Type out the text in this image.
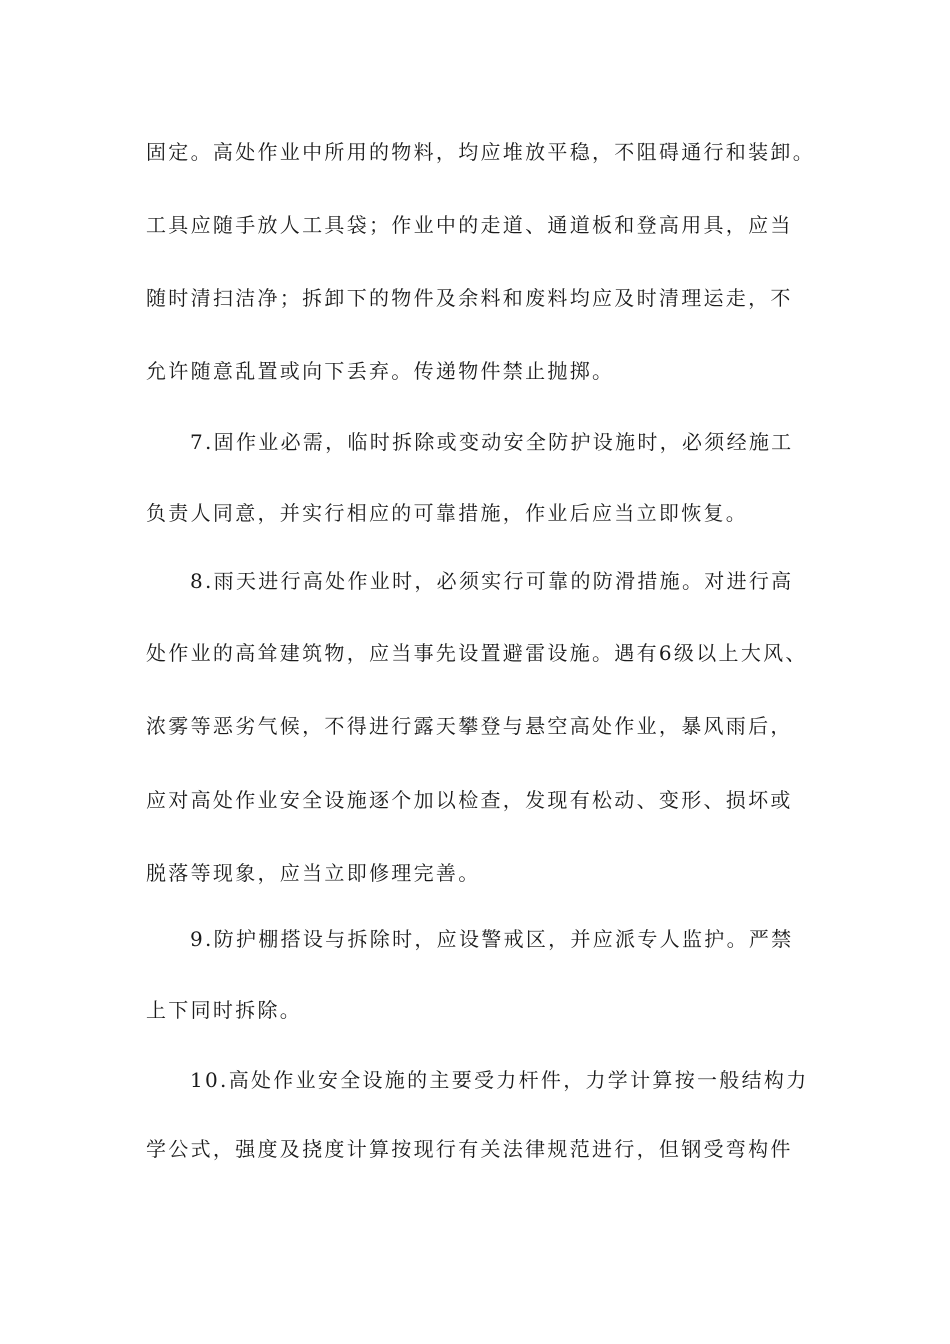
固定。高处作业中所用的物料，均应堆放平稳，不阻碍通行和装卸。
工具应随手放人工具袋；作业中的走道、通道板和登高用具，应当
随时清扫洁净；拆卸下的物件及余料和废料均应及时清理运走，不
允许随意乱置或向下丢弃。传递物件禁止抛掷。
7.固作业必需，临时拆除或变动安全防护设施时，必须经施工
负责人同意，并实行相应的可靠措施，作业后应当立即恢复。
8.雨天进行高处作业时，必须实行可靠的防滑措施。对进行高
处作业的高耸建筑物，应当事先设置避雷设施。遇有6级以上大风、
浓雾等恶劣气候，不得进行露天攀登与悬空高处作业，暴风雨后，
应对高处作业安全设施逐个加以检查，发现有松动、变形、损坏或
脱落等现象，应当立即修理完善。
9.防护棚搭设与拆除时，应设警戒区，并应派专人监护。严禁
上下同时拆除。
10.高处作业安全设施的主要受力杆件，力学计算按一般结构力
学公式，强度及挠度计算按现行有关法律规范进行，但钢受弯构件
